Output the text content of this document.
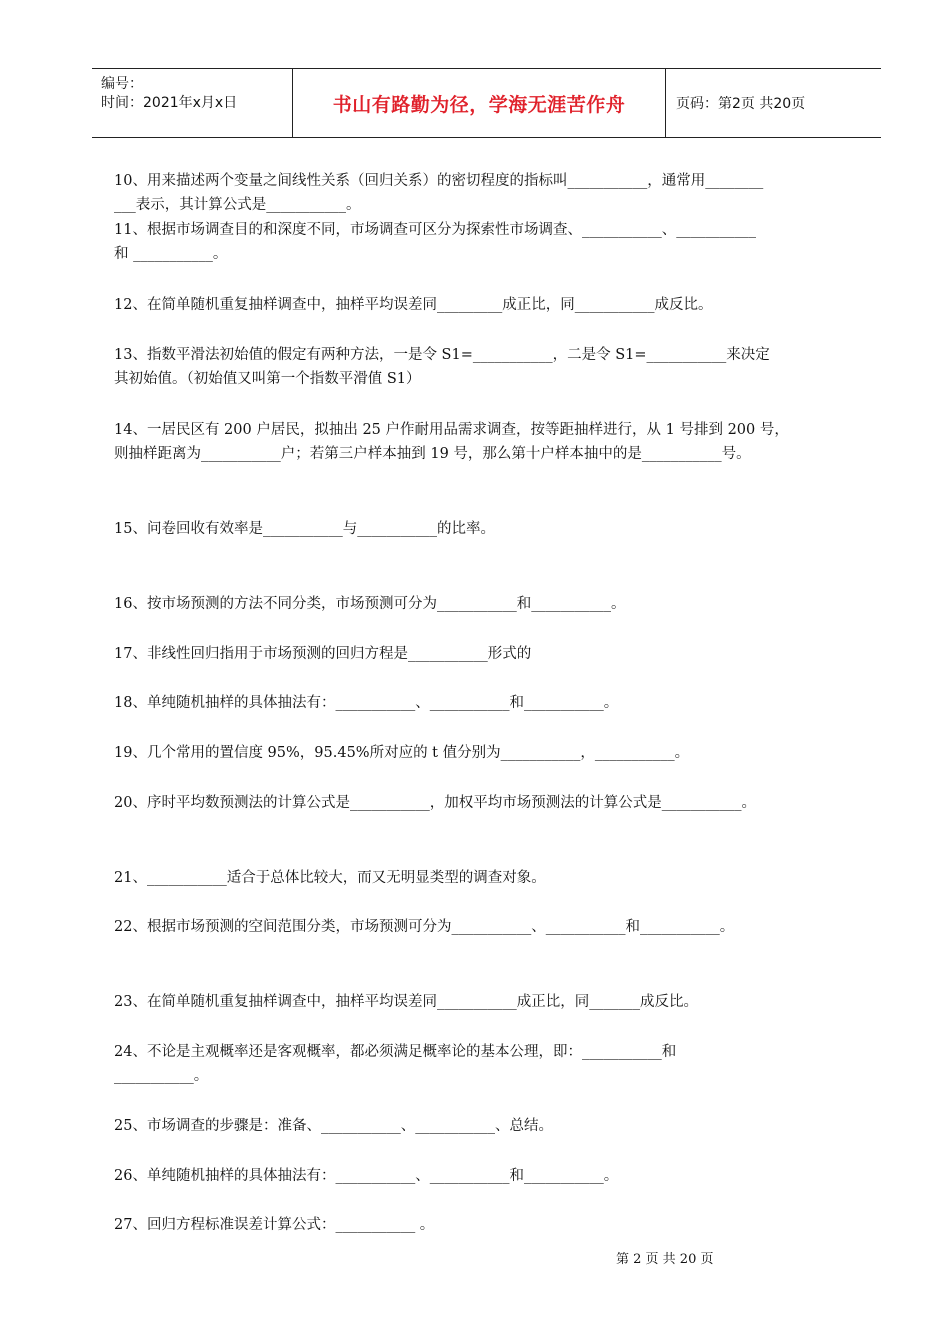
编号：
时间：2021年x月x日	书山有路勤为径，学海无涯苦作舟	页码：第2页 共20页
10、用来描述两个变量之间线性关系（回归关系）的密切程度的指标叫___________，通常用________
___表示，其计算公式是___________。
11、根据市场调查目的和深度不同，市场调查可区分为探索性市场调查、___________、___________
和 ___________。
12、在简单随机重复抽样调查中，抽样平均误差同_________成正比，同___________成反比。
13、指数平滑法初始值的假定有两种方法，一是令 S1=___________，二是令 S1=___________来决定
其初始值。（初始值又叫第一个指数平滑值 S1）
14、一居民区有 200 户居民，拟抽出 25 户作耐用品需求调查，按等距抽样进行，从 1 号排到 200 号，
则抽样距离为___________户；若第三户样本抽到 19 号，那么第十户样本抽中的是___________号。
15、问卷回收有效率是___________与___________的比率。
16、按市场预测的方法不同分类，市场预测可分为___________和___________。
17、非线性回归指用于市场预测的回归方程是___________形式的
18、单纯随机抽样的具体抽法有：___________、___________和___________。
19、几个常用的置信度 95%，95.45%所对应的 t 值分别为___________，___________。
20、序时平均数预测法的计算公式是___________，加权平均市场预测法的计算公式是___________。
21、___________适合于总体比较大，而又无明显类型的调查对象。
22、根据市场预测的空间范围分类，市场预测可分为___________、___________和___________。
23、在简单随机重复抽样调查中，抽样平均误差同___________成正比，同_______成反比。
24、不论是主观概率还是客观概率，都必须满足概率论的基本公理，即：___________和
___________。
25、市场调查的步骤是：准备、___________、___________、总结。
26、单纯随机抽样的具体抽法有：___________、___________和___________。
27、回归方程标准误差计算公式：___________ 。
第 2 页 共 20 页
